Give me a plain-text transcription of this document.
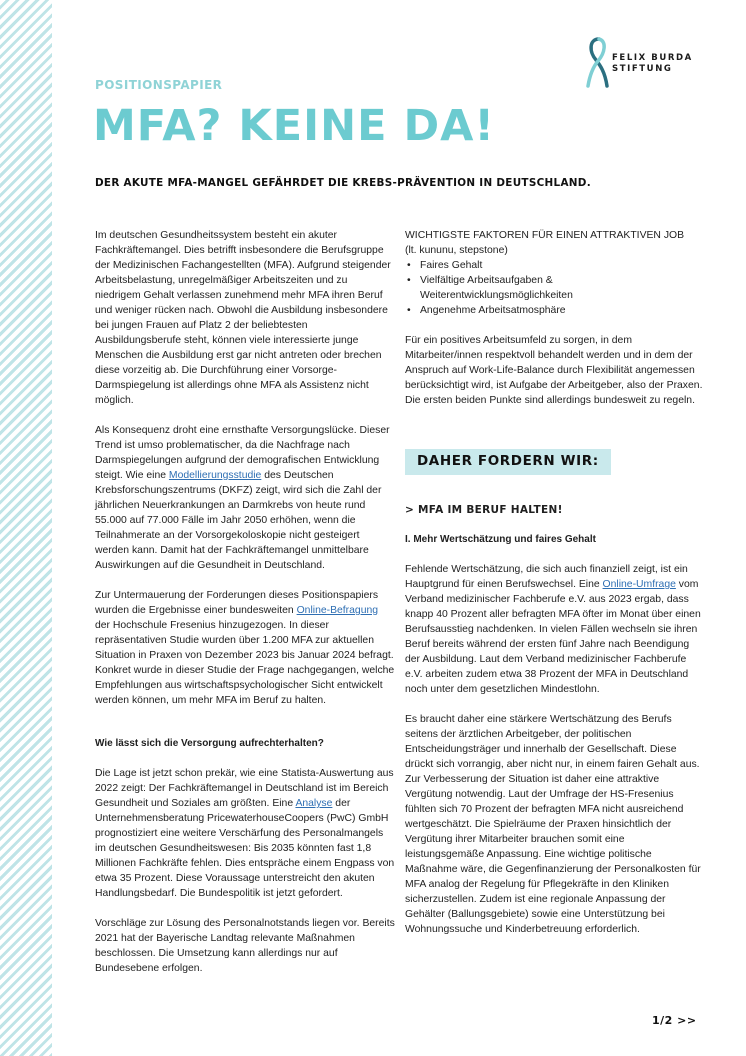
FELIX BURDA
STIFTUNG
POSITIONSPAPIER
MFA? KEINE DA!
DER AKUTE MFA-MANGEL GEFÄHRDET DIE KREBS-PRÄVENTION IN DEUTSCHLAND.

Im deutschen Gesundheitssystem besteht ein akuter Fachkräftemangel. Dies betrifft insbesondere die Berufsgruppe der Medizinischen Fachangestellten (MFA). Aufgrund steigender Arbeitsbelastung, unregelmäßiger Arbeitszeiten und zu niedrigem Gehalt verlassen zunehmend mehr MFA ihren Beruf und weniger rücken nach. Obwohl die Ausbildung insbesondere bei jungen Frauen auf Platz 2 der beliebtesten Ausbildungsberufe steht, können viele interessierte junge Menschen die Ausbildung erst gar nicht antreten oder brechen diese vorzeitig ab. Die Durchführung einer Vorsorge-Darmspiegelung ist allerdings ohne MFA als Assistenz nicht möglich.

Als Konsequenz droht eine ernsthafte Versorgungslücke. Dieser Trend ist umso problematischer, da die Nachfrage nach Darmspiegelungen aufgrund der demografischen Entwicklung steigt. Wie eine Modellierungsstudie des Deutschen Krebsforschungszentrums (DKFZ) zeigt, wird sich die Zahl der jährlichen Neuerkrankungen an Darmkrebs von heute rund 55.000 auf 77.000 Fälle im Jahr 2050 erhöhen, wenn die Teilnahmerate an der Vorsorgekoloskopie nicht gesteigert werden kann. Damit hat der Fachkräftemangel unmittelbare Auswirkungen auf die Gesundheit in Deutschland.

Zur Untermauerung der Forderungen dieses Positionspapiers wurden die Ergebnisse einer bundesweiten Online-Befragung der Hochschule Fresenius hinzugezogen. In dieser repräsentativen Studie wurden über 1.200 MFA zur aktuellen Situation in Praxen von Dezember 2023 bis Januar 2024 befragt. Konkret wurde in dieser Studie der Frage nachgegangen, welche Empfehlungen aus wirtschaftspsychologischer Sicht entwickelt werden können, um mehr MFA im Beruf zu halten.

Wie lässt sich die Versorgung aufrechterhalten?

Die Lage ist jetzt schon prekär, wie eine Statista-Auswertung aus 2022 zeigt: Der Fachkräftemangel in Deutschland ist im Bereich Gesundheit und Soziales am größten. Eine Analyse der Unternehmensberatung PricewaterhouseCoopers (PwC) GmbH prognostiziert eine weitere Verschärfung des Personalmangels im deutschen Gesundheitswesen: Bis 2035 könnten fast 1,8 Millionen Fachkräfte fehlen. Dies entspräche einem Engpass von etwa 35 Prozent. Diese Voraussage unterstreicht den akuten Handlungsbedarf. Die Bundespolitik ist jetzt gefordert.

Vorschläge zur Lösung des Personalnotstands liegen vor. Bereits 2021 hat der Bayerische Landtag relevante Maßnahmen beschlossen. Die Umsetzung kann allerdings nur auf Bundesebene erfolgen.

WICHTIGSTE FAKTOREN FÜR EINEN ATTRAKTIVEN JOB
(lt. kununu, stepstone)
• Faires Gehalt
• Vielfältige Arbeitsaufgaben & Weiterentwicklungsmöglichkeiten
• Angenehme Arbeitsatmosphäre

Für ein positives Arbeitsumfeld zu sorgen, in dem Mitarbeiter/innen respektvoll behandelt werden und in dem der Anspruch auf Work-Life-Balance durch Flexibilität angemessen berücksichtigt wird, ist Aufgabe der Arbeitgeber, also der Praxen. Die ersten beiden Punkte sind allerdings bundesweit zu regeln.

DAHER FORDERN WIR:
> MFA IM BERUF HALTEN!
I. Mehr Wertschätzung und faires Gehalt

Fehlende Wertschätzung, die sich auch finanziell zeigt, ist ein Hauptgrund für einen Berufswechsel. Eine Online-Umfrage vom Verband medizinischer Fachberufe e.V. aus 2023 ergab, dass knapp 40 Prozent aller befragten MFA öfter im Monat über einen Berufsausstieg nachdenken. In vielen Fällen wechseln sie ihren Beruf bereits während der ersten fünf Jahre nach Beendigung der Ausbildung. Laut dem Verband medizinischer Fachberufe e.V. arbeiten zudem etwa 38 Prozent der MFA in Deutschland noch unter dem gesetzlichen Mindestlohn.

Es braucht daher eine stärkere Wertschätzung des Berufs seitens der ärztlichen Arbeitgeber, der politischen Entscheidungsträger und innerhalb der Gesellschaft. Diese drückt sich vorrangig, aber nicht nur, in einem fairen Gehalt aus. Zur Verbesserung der Situation ist daher eine attraktive Vergütung notwendig. Laut der Umfrage der HS-Fresenius fühlten sich 70 Prozent der befragten MFA nicht ausreichend wertgeschätzt. Die Spielräume der Praxen hinsichtlich der Vergütung ihrer Mitarbeiter brauchen somit eine leistungsgemäße Anpassung. Eine wichtige politische Maßnahme wäre, die Gegenfinanzierung der Personalkosten für MFA analog der Regelung für Pflegekräfte in den Kliniken sicherzustellen. Zudem ist eine regionale Anpassung der Gehälter (Ballungsgebiete) sowie eine Unterstützung bei Wohnungssuche und Kinderbetreuung erforderlich.

1/2 >>
